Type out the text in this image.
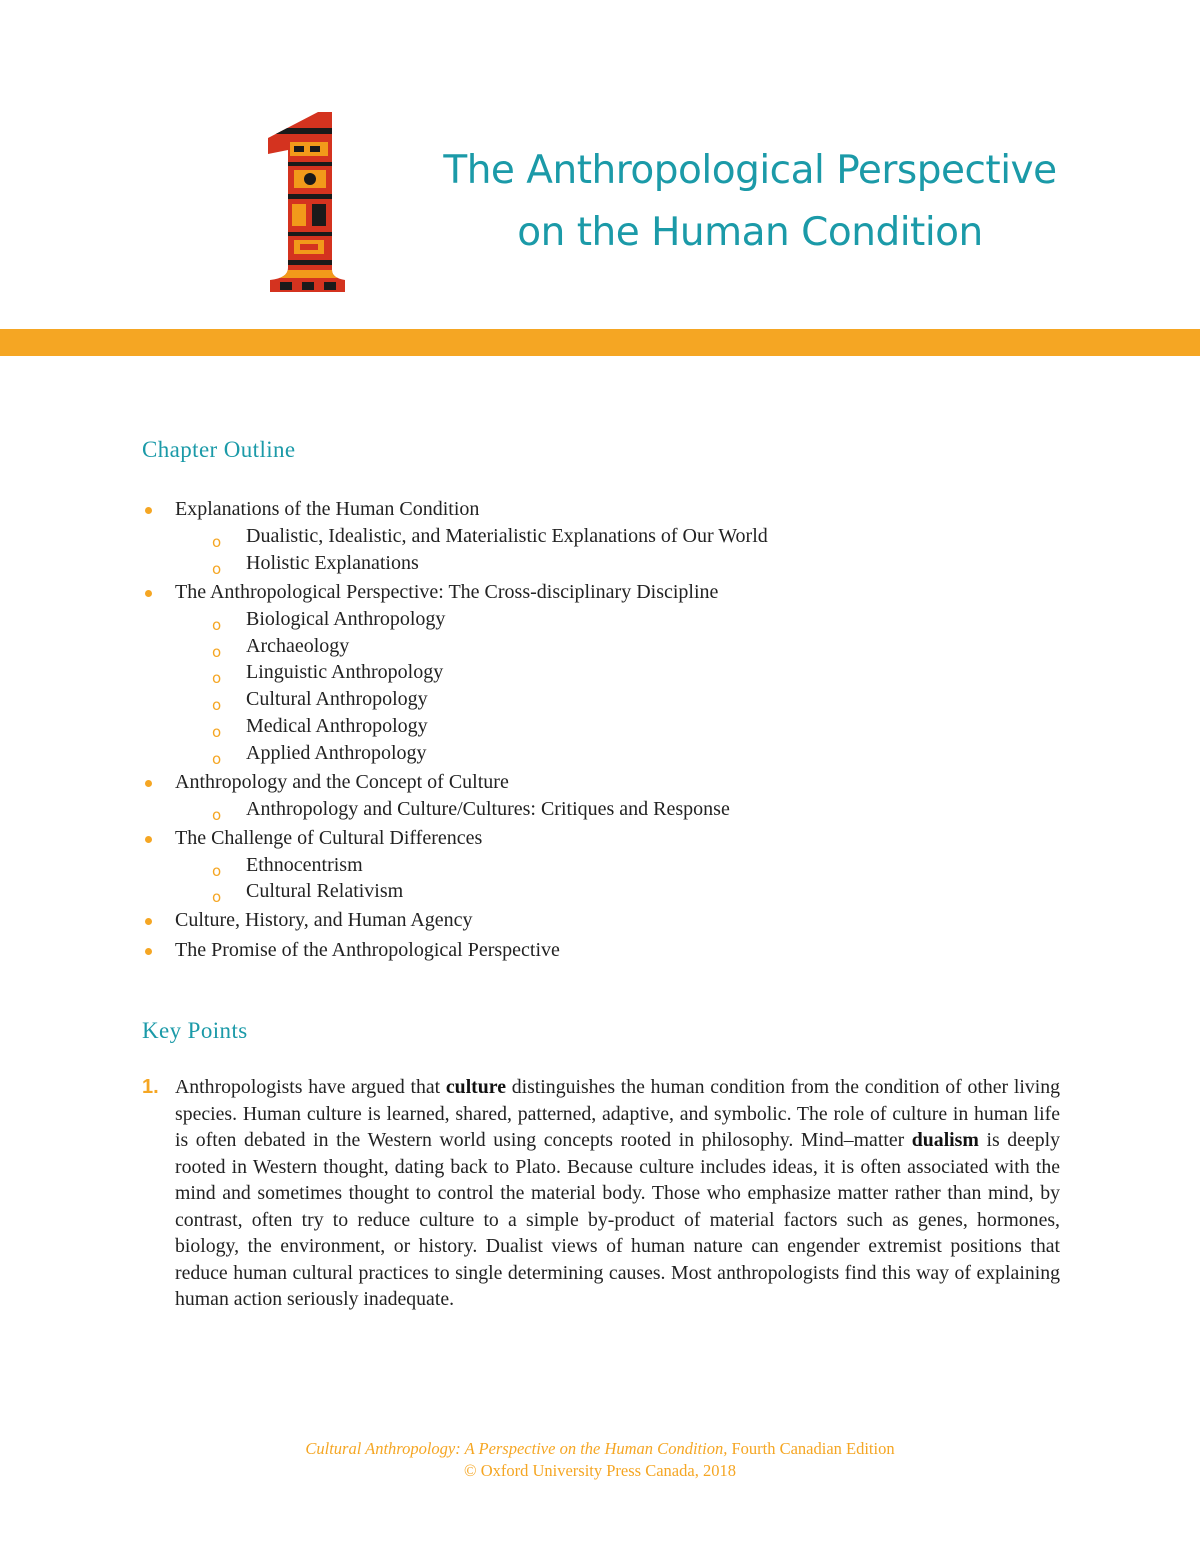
The Anthropological Perspective
on the Human Condition
Chapter Outline
Explanations of the Human Condition
o Dualistic, Idealistic, and Materialistic Explanations of Our World
o Holistic Explanations
The Anthropological Perspective: The Cross-disciplinary Discipline
o Biological Anthropology
o Archaeology
o Linguistic Anthropology
o Cultural Anthropology
o Medical Anthropology
o Applied Anthropology
Anthropology and the Concept of Culture
o Anthropology and Culture/Cultures: Critiques and Response
The Challenge of Cultural Differences
o Ethnocentrism
o Cultural Relativism
Culture, History, and Human Agency
The Promise of the Anthropological Perspective
Key Points
1. Anthropologists have argued that culture distinguishes the human condition from the condition of other living species. Human culture is learned, shared, patterned, adaptive, and symbolic. The role of culture in human life is often debated in the Western world using concepts rooted in philosophy. Mind–matter dualism is deeply rooted in Western thought, dating back to Plato. Because culture includes ideas, it is often associated with the mind and sometimes thought to control the material body. Those who emphasize matter rather than mind, by contrast, often try to reduce culture to a simple by-product of material factors such as genes, hormones, biology, the environment, or history. Dualist views of human nature can engender extremist positions that reduce human cultural practices to single determining causes. Most anthropologists find this way of explaining human action seriously inadequate.
Cultural Anthropology: A Perspective on the Human Condition, Fourth Canadian Edition
© Oxford University Press Canada, 2018
